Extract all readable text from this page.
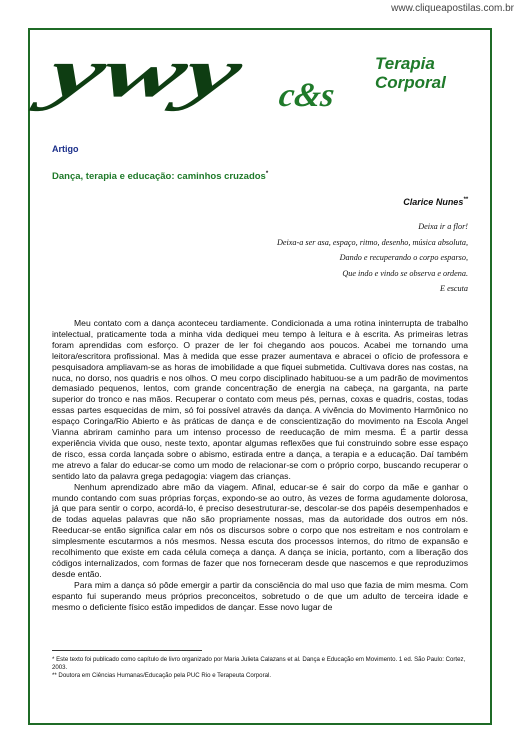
www.cliqueapostilas.com.br
ywy	c&s
Terapia
Corporal
Artigo
Dança, terapia e educação: caminhos cruzados*
Clarice Nunes**
Deixa ir a flor!
Deixa-a ser asa, espaço, ritmo, desenho, música absoluta,
Dando e recuperando o corpo esparso,
Que indo e vindo se observa e ordena.
E escuta

Meu contato com a dança aconteceu tardiamente. Condicionada a uma rotina ininterrupta de trabalho intelectual, praticamente toda a minha vida dediquei meu tempo à leitura e à escrita. As primeiras letras foram aprendidas com esforço. O prazer de ler foi chegando aos poucos. Acabei me tornando uma leitora/escritora profissional. Mas à medida que esse prazer aumentava e abracei o ofício de professora e pesquisadora ampliavam-se as horas de imobilidade a que fiquei submetida. Cultivava dores nas costas, na nuca, no dorso, nos quadris e nos olhos. O meu corpo disciplinado habituou-se a um padrão de movimentos demasiado pequenos, lentos, com grande concentração de energia na cabeça, na garganta, na parte superior do tronco e nas mãos. Recuperar o contato com meus pés, pernas, coxas e quadris, costas, todas essas partes esquecidas de mim, só foi possível através da dança. A vivência do Movimento Harmônico no espaço Coringa/Rio Abierto e às práticas de dança e de conscientização do movimento na Escola Angel Vianna abriram caminho para um intenso processo de reeducação de mim mesma. É a partir dessa experiência vivida que ouso, neste texto, apontar algumas reflexões que fui construindo sobre esse espaço de risco, essa corda lançada sobre o abismo, estirada entre a dança, a terapia e a educação. Daí também me atrevo a falar do educar-se como um modo de relacionar-se com o próprio corpo, buscando recuperar o sentido lato da palavra grega pedagogia: viagem das crianças.

Nenhum aprendizado abre mão da viagem. Afinal, educar-se é sair do corpo da mãe e ganhar o mundo contando com suas próprias forças, expondo-se ao outro, às vezes de forma agudamente dolorosa, já que para sentir o corpo, acordá-lo, é preciso desestruturar-se, descolar-se dos papéis desempenhados e de todas aquelas palavras que não são propriamente nossas, mas da autoridade dos outros em nós. Reeducar-se então significa calar em nós os discursos sobre o corpo que nos estreitam e nos controlam e simplesmente escutarmos a nós mesmos. Nessa escuta dos processos internos, do ritmo de expansão e recolhimento que existe em cada célula começa a dança. A dança se inicia, portanto, com a liberação dos códigos internalizados, com formas de fazer que nos forneceram desde que nascemos e que reproduzimos desde então.

Para mim a dança só pôde emergir a partir da consciência do mal uso que fazia de mim mesma. Com espanto fui superando meus próprios preconceitos, sobretudo o de que um adulto de terceira idade e mesmo o deficiente físico estão impedidos de dançar. Esse novo lugar de

* Este texto foi publicado como capítulo de livro organizado por Maria Julieta Calazans et al. Dança e Educação em Movimento. 1 ed. São Paulo: Cortez, 2003.

** Doutora em Ciências Humanas/Educação pela PUC Rio e Terapeuta Corporal.
